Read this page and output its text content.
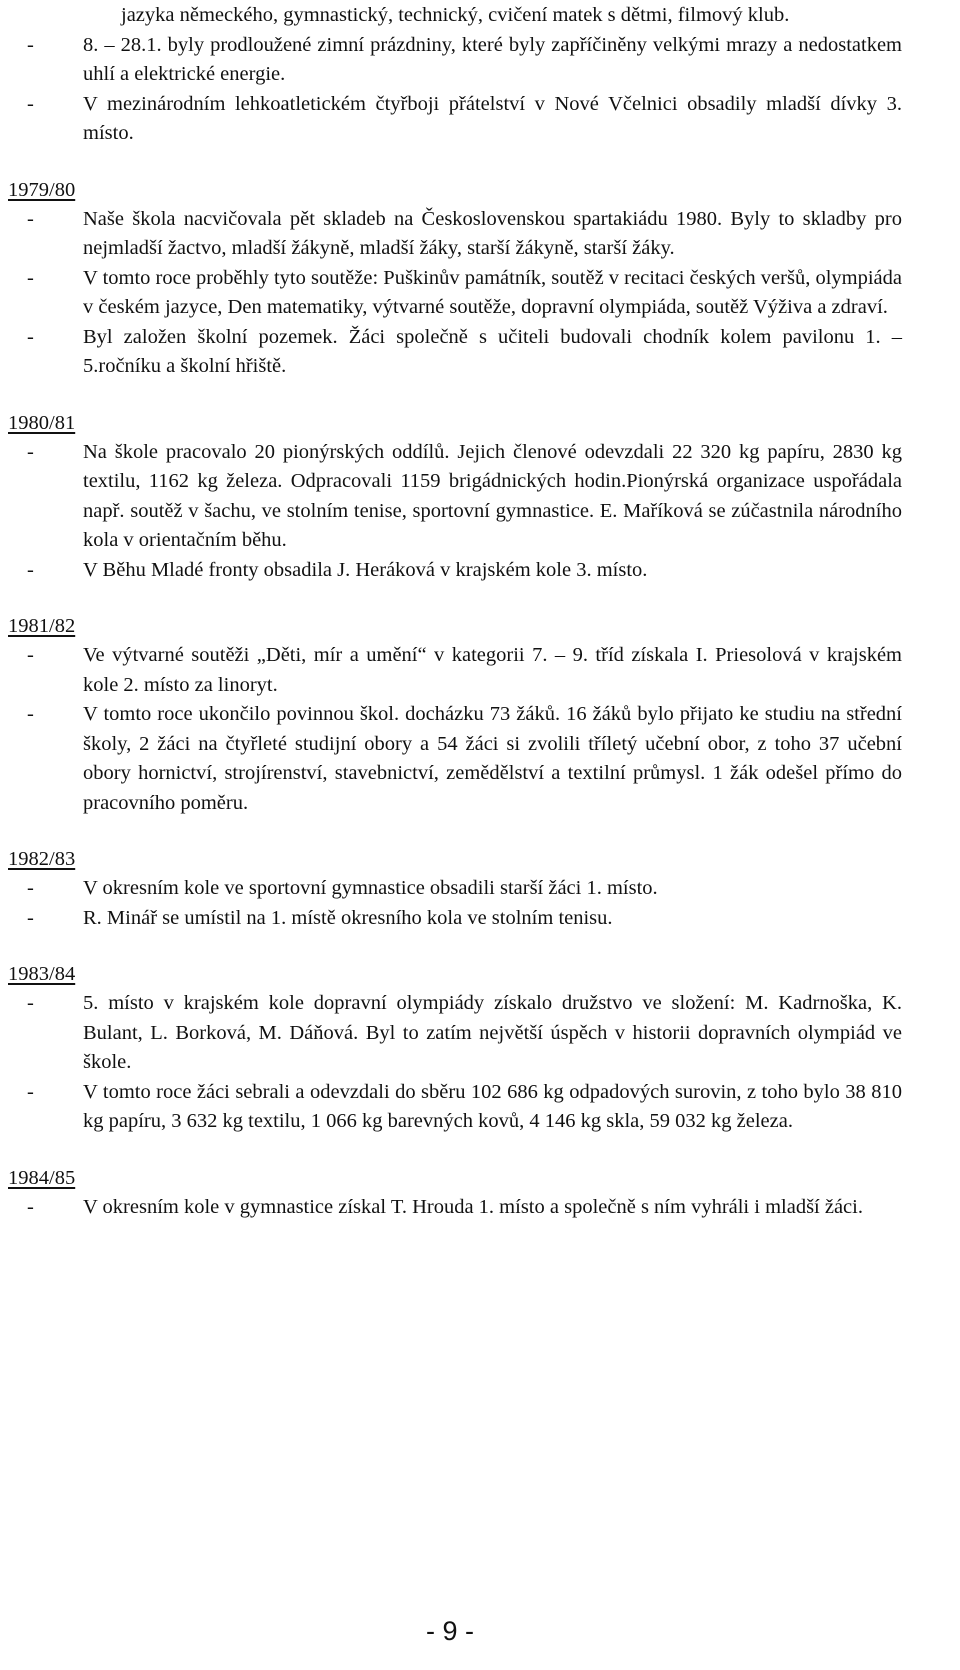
jazyka německého, gymnastický, technický, cvičení matek s dětmi, filmový klub.
- 8. – 28.1. byly prodloužené zimní prázdniny, které byly zapříčiněny velkými mrazy a nedostatkem uhlí a elektrické energie.
- V mezinárodním lehkoatletickém čtyřboji přátelství v Nové Včelnici obsadily mladší dívky 3. místo.

1979/80

- Naše škola nacvičovala pět skladeb na Československou spartakiádu 1980. Byly to skladby pro nejmladší žactvo, mladší žákyně, mladší žáky, starší žákyně, starší žáky.
- V tomto roce proběhly tyto soutěže: Puškinův památník, soutěž v recitaci českých veršů, olympiáda v českém jazyce, Den matematiky, výtvarné soutěže, dopravní olympiáda, soutěž Výživa a zdraví.
- Byl založen školní pozemek. Žáci společně s učiteli budovali chodník kolem pavilonu 1. – 5.ročníku a školní hřiště.

1980/81

- Na škole pracovalo 20 pionýrských oddílů. Jejich členové odevzdali 22 320 kg papíru, 2830 kg textilu, 1162 kg železa. Odpracovali 1159 brigádnických hodin.Pionýrská organizace uspořádala např. soutěž v šachu, ve stolním tenise, sportovní gymnastice. E. Maříková se zúčastnila národního kola v orientačním běhu.
- V Běhu Mladé fronty obsadila J. Heráková v krajském kole 3. místo.

1981/82

- Ve výtvarné soutěži „Děti, mír a umění“ v kategorii 7. – 9. tříd získala I. Priesolová v krajském kole 2. místo za linoryt.
- V tomto roce ukončilo povinnou škol. docházku 73 žáků. 16 žáků bylo přijato ke studiu na střední školy, 2 žáci na čtyřleté studijní obory a 54 žáci si zvolili tříletý učební obor, z toho 37 učební obory hornictví, strojírenství, stavebnictví, zemědělství a textilní průmysl. 1 žák odešel přímo do pracovního poměru.

1982/83

- V okresním kole ve sportovní gymnastice obsadili starší žáci 1. místo.
- R. Minář se umístil na 1. místě okresního kola ve stolním tenisu.

1983/84

- 5. místo v krajském kole dopravní olympiády získalo družstvo ve složení: M. Kadrnoška, K. Bulant, L. Borková, M. Dáňová. Byl to zatím největší úspěch v historii dopravních olympiád ve škole.
- V tomto roce žáci sebrali a odevzdali do sběru 102 686 kg odpadových surovin, z toho bylo 38 810 kg papíru, 3 632 kg textilu, 1 066 kg barevných kovů, 4 146 kg skla, 59 032 kg železa.

1984/85

- V okresním kole v gymnastice získal T. Hrouda 1. místo a společně s ním vyhráli i mladší žáci.
- 9 -
